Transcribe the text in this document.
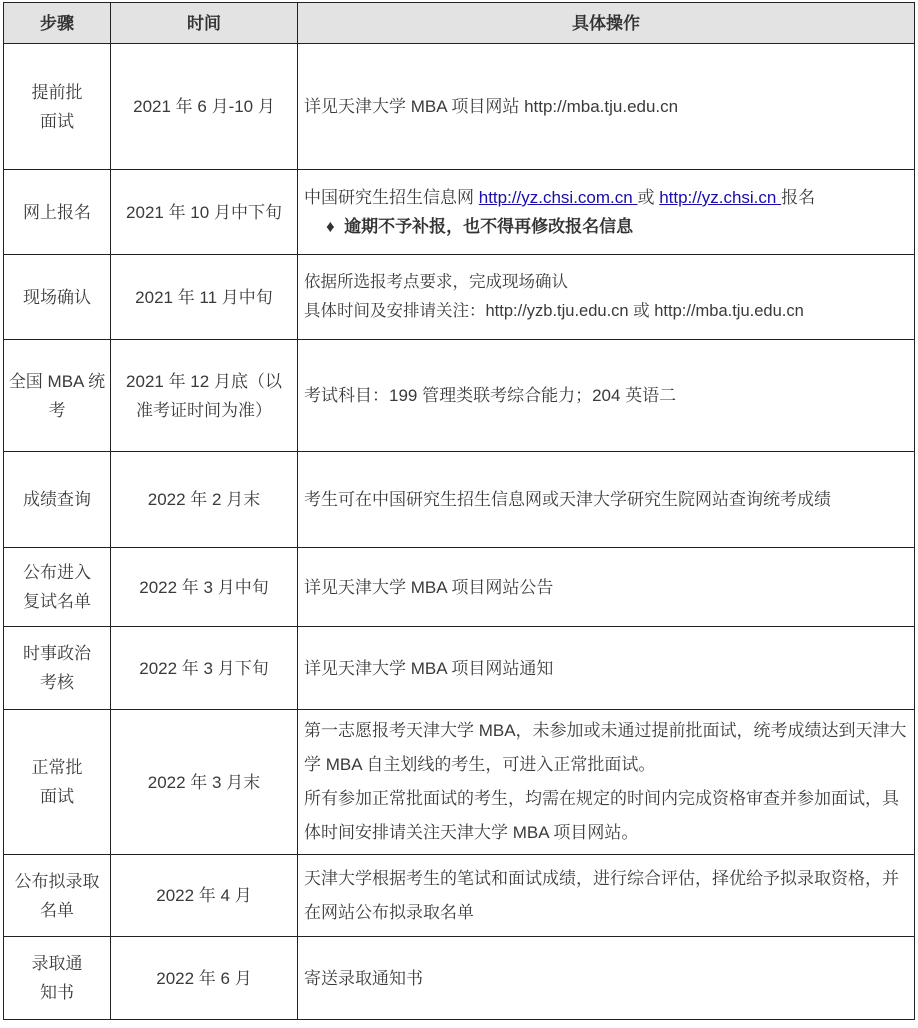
步骤	时间	具体操作
提前批面试	2021 年 6 月-10 月	详见天津大学 MBA 项目网站 http://mba.tju.edu.cn
网上报名	2021 年 10 月中下旬	中国研究生招生信息网 http://yz.chsi.com.cn 或 http://yz.chsi.cn 报名
♦ 逾期不予补报，也不得再修改报名信息

现场确认	2021 年 11 月中旬	依据所选报考点要求，完成现场确认
具体时间及安排请关注：http://yzb.tju.edu.cn 或 http://mba.tju.edu.cn

全国 MBA 统考	2021 年 12 月底（以准考证时间为准）	考试科目：199 管理类联考综合能力；204 英语二
成绩查询	2022 年 2 月末	考生可在中国研究生招生信息网或天津大学研究生院网站查询统考成绩
公布进入复试名单	2022 年 3 月中旬	详见天津大学 MBA 项目网站公告
时事政治考核	2022 年 3 月下旬	详见天津大学 MBA 项目网站通知
正常批面试	2022 年 3 月末	第一志愿报考天津大学 MBA，未参加或未通过提前批面试，统考成绩达到天津大学 MBA 自主划线的考生，可进入正常批面试。
所有参加正常批面试的考生，均需在规定的时间内完成资格审查并参加面试，具体时间安排请关注天津大学 MBA 项目网站。

公布拟录取名单	2022 年 4 月	天津大学根据考生的笔试和面试成绩，进行综合评估，择优给予拟录取资格，并在网站公布拟录取名单
录取通知书	2022 年 6 月	寄送录取通知书
